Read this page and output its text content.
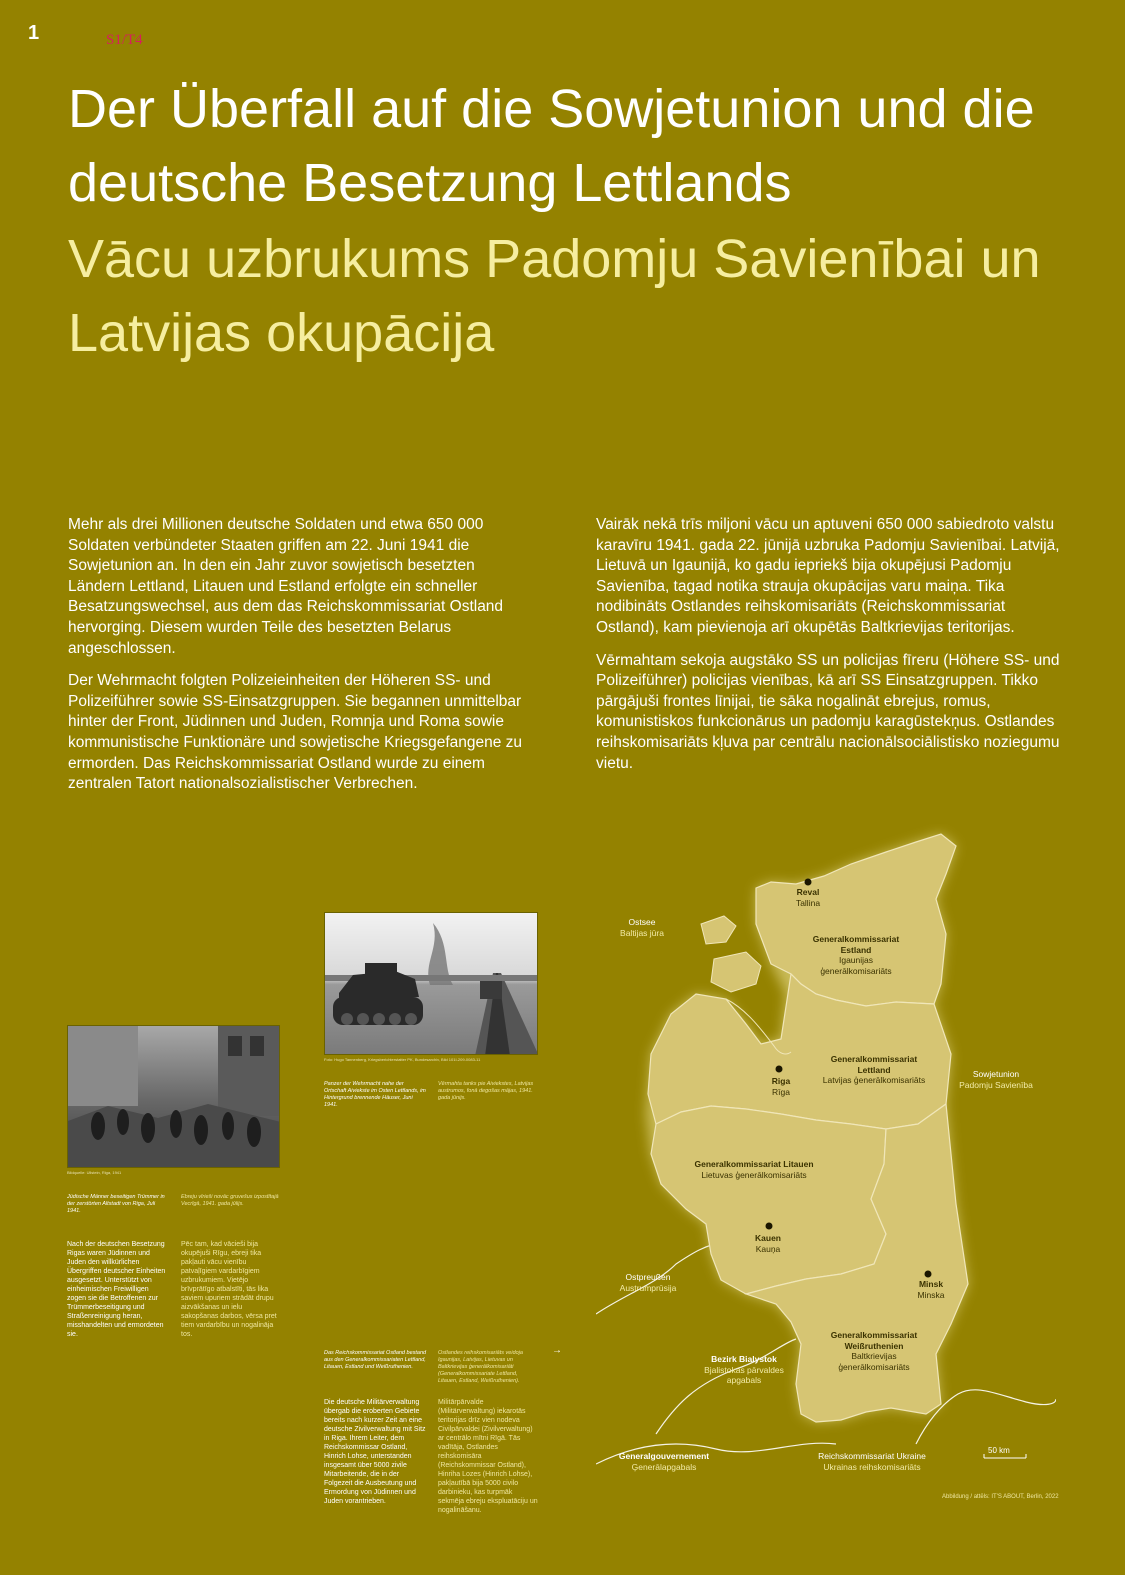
1	S1/T4
Der Überfall auf die Sowjetunion und die deutsche Besetzung Lettlands
Vācu uzbrukums Padomju Savienībai un Latvijas okupācija

Mehr als drei Millionen deutsche Soldaten und etwa 650 000 Soldaten verbündeter Staaten griffen am 22. Juni 1941 die Sowjetunion an. In den ein Jahr zuvor sowjetisch besetzten Ländern Lettland, Litauen und Estland erfolgte ein schneller Besatzungswechsel, aus dem das Reichskommissariat Ostland hervorging. Diesem wurden Teile des besetzten Belarus angeschlossen.

Der Wehrmacht folgten Polizeieinheiten der Höheren SS- und Polizeiführer sowie SS-Einsatzgruppen. Sie begannen unmittelbar hinter der Front, Jüdinnen und Juden, Romnja und Roma sowie kommunistische Funktionäre und sowjetische Kriegsgefangene zu ermorden. Das Reichskommissariat Ostland wurde zu einem zentralen Tatort nationalsozialistischer Verbrechen.

Vairāk nekā trīs miljoni vācu un aptuveni 650 000 sabiedroto valstu karavīru 1941. gada 22. jūnijā uzbruka Padomju Savienībai. Latvijā, Lietuvā un Igaunijā, ko gadu iepriekš bija okupējusi Padomju Savienība, tagad notika strauja okupācijas varu maiņa. Tika nodibināts Ostlandes reihskomisariāts (Reichskommissariat Ostland), kam pievienoja arī okupētās Baltkrievijas teritorijas.

Vērmahtam sekoja augstāko SS un policijas fīreru (Höhere SS- und Polizeiführer) policijas vienības, kā arī SS Einsatzgruppen. Tikko pārgājuši frontes līnijai, tie sāka nogalināt ebrejus, romus, komunistiskos funkcionārus un padomju karagūstekņus. Ostlandes reihskomisariāts kļuva par centrālu nacionālsociālistisko noziegumu vietu.

Bildquelle: Ullstein, Riga, 1941
Jüdische Männer beseitigen Trümmer in der zerstörten Altstadt von Riga, Juli 1941.
Ebreju vīrieši novāc gruvešus izpostītajā Vecrīgā, 1941. gada jūlijs.
Nach der deutschen Besetzung Rigas waren Jüdinnen und Juden den willkürlichen Übergriffen deutscher Einheiten ausgesetzt. Unterstützt von einheimischen Freiwilligen zogen sie die Betroffenen zur Trümmerbeseitigung und Straßenreinigung heran, misshandelten und ermordeten sie.
Pēc tam, kad vācieši bija okupējuši Rīgu, ebreji tika pakļauti vācu vienību patvaļīgiem vardarbīgiem uzbrukumiem. Vietējo brīvprātīgo atbalstīti, tās lika saviem upuriem strādāt drupu aizvākšanas un ielu sakopšanas darbos, vērsa pret tiem vardarbību un nogalināja tos.
Foto: Hugo Tannenberg, Kriegsberichterstatter PK, Bundesarchiv, Bild 101I-209-0083-11
Panzer der Wehrmacht nahe der Ortschaft Aiviekste im Osten Lettlands, im Hintergrund brennende Häuser, Juni 1941.
Vērmahta tanks pie Aiviekstes, Latvijas austrumos, fonā degošas mājas, 1941. gada jūnijs.
Das Reichskommissariat Ostland bestand aus den Generalkommissariaten Lettland, Litauen, Estland und Weißruthenien.
Ostlandes reihskomisariāts veidoja Igaunijas, Latvijas, Lietuvas un Baltkrievijas ģenerālkomisariāti (Generalkommissariate Lettland, Litauen, Estland, Weißruthenien).
→
Die deutsche Militärverwaltung übergab die eroberten Gebiete bereits nach kurzer Zeit an eine deutsche Zivilverwaltung mit Sitz in Riga. Ihrem Leiter, dem Reichskommissar Ostland, Hinrich Lohse, unterstanden insgesamt über 5000 zivile Mitarbeitende, die in der Folgezeit die Ausbeutung und Ermordung von Jüdinnen und Juden vorantrieben.
Militārpārvalde (Militärverwaltung) iekarotās teritorijas drīz vien nodeva Civilpārvaldei (Zivilverwaltung) ar centrālo mītni Rīgā. Tās vadītāja, Ostlandes reihskomisāra (Reichskommissar Ostland), Hinriha Lozes (Hinrich Lohse), pakļautībā bija 5000 civilo darbinieku, kas turpmāk sekmēja ebreju ekspluatāciju un nogalināšanu.
Reval
Tallina
Ostsee
Baltijas jūra
Generalkommissariat Estland
Igaunijas ģenerālkomisariāts
Generalkommissariat Lettland
Latvijas ģenerālkomisariāts
Riga
Rīga
Sowjetunion
Padomju Savienība
Generalkommissariat Litauen
Lietuvas ģenerālkomisariāts
Kauen
Kauņa
Ostpreußen
Austrumprūsija	Minsk
Minska
Generalkommissariat Weißruthenien
Baltkrievijas ģenerālkomisariāts
Bezirk Bialystok
Bjalistokas pārvaldes apgabals
Generalgouvernement
Ģenerālapgabals
Reichskommissariat Ukraine
Ukrainas reihskomisariāts
50 km
Abbildung / attēls: IT'S ABOUT, Berlin, 2022
